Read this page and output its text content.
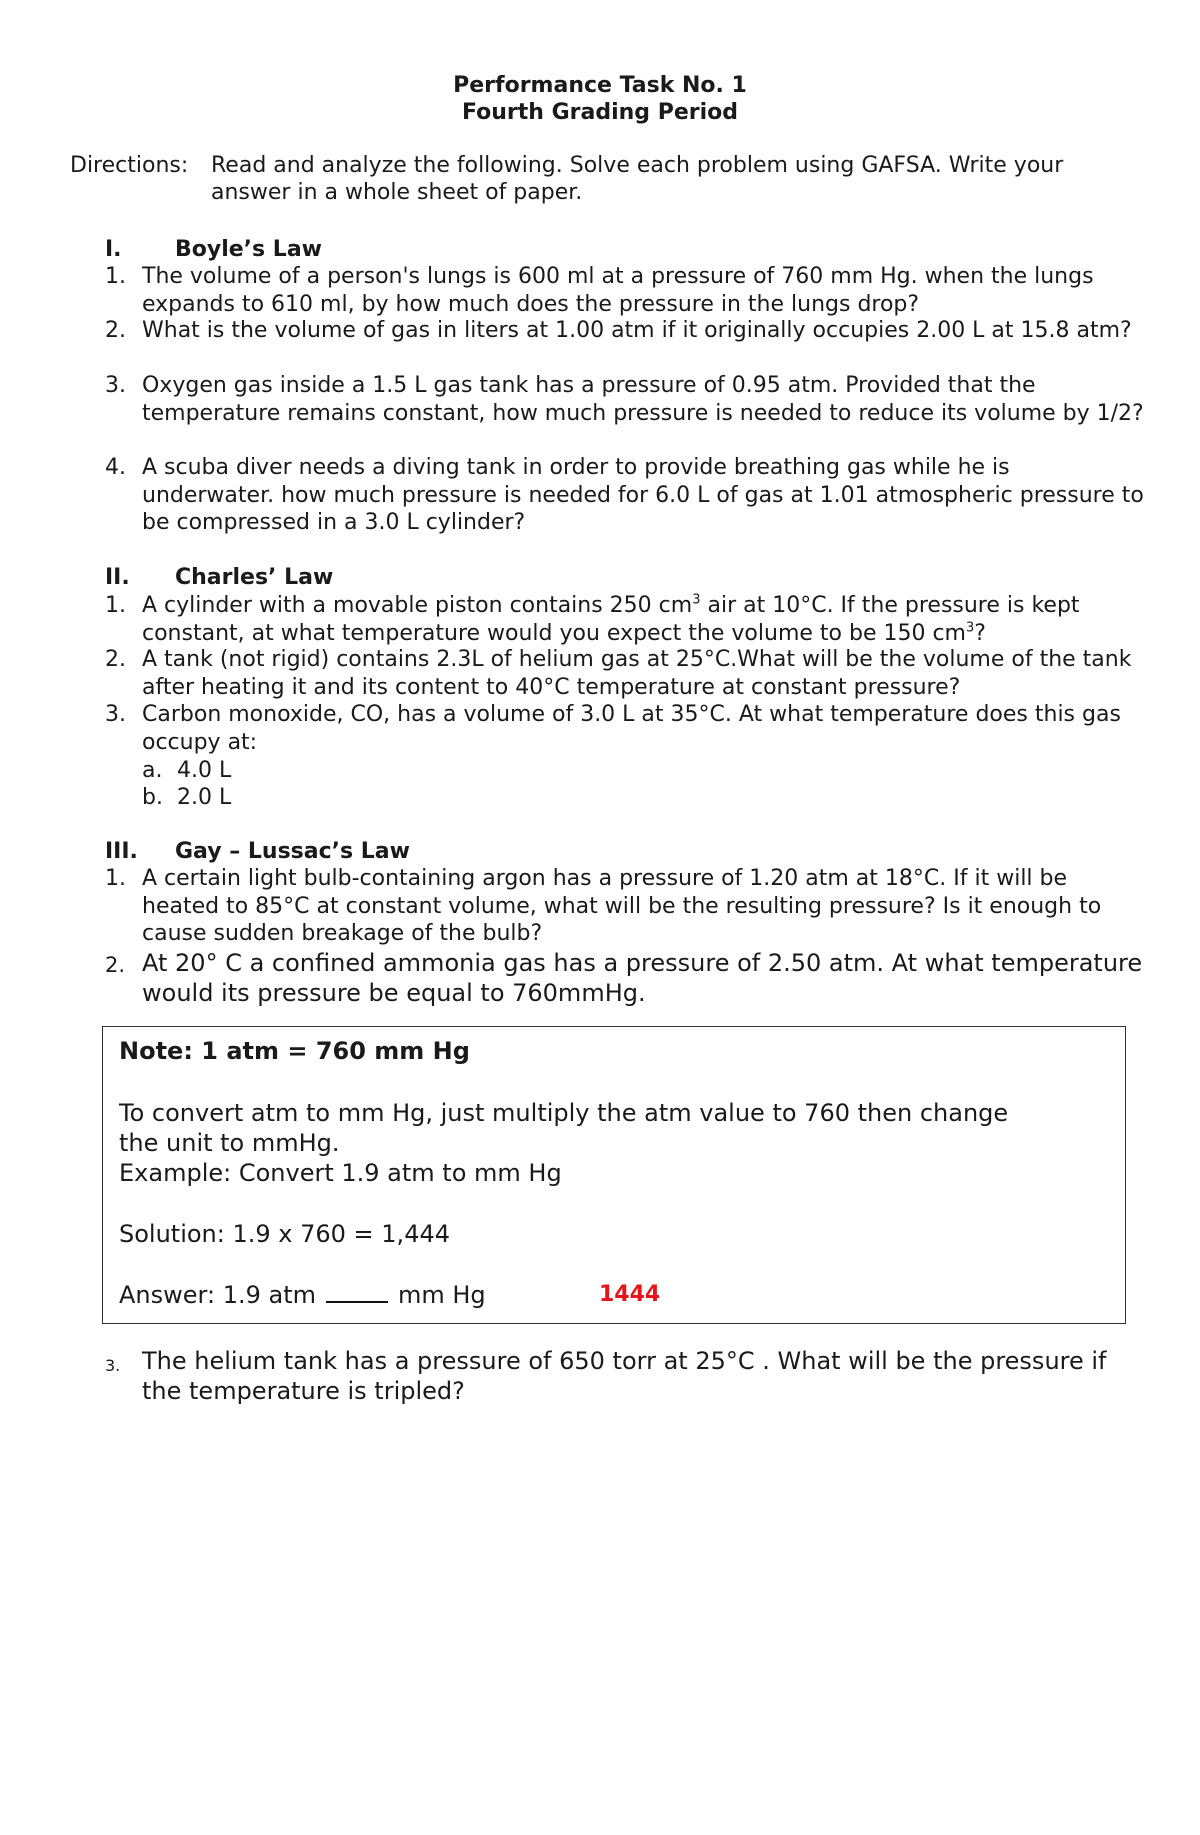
Performance Task No. 1
Fourth Grading Period
Directions: Read and analyze the following. Solve each problem using GAFSA. Write your answer in a whole sheet of paper.
I. Boyle’s Law
1. The volume of a person's lungs is 600 ml at a pressure of 760 mm Hg. when the lungs expands to 610 ml, by how much does the pressure in the lungs drop?
2. What is the volume of gas in liters at 1.00 atm if it originally occupies 2.00 L at 15.8 atm?
3. Oxygen gas inside a 1.5 L gas tank has a pressure of 0.95 atm. Provided that the temperature remains constant, how much pressure is needed to reduce its volume by 1/2?
4. A scuba diver needs a diving tank in order to provide breathing gas while he is underwater. how much pressure is needed for 6.0 L of gas at 1.01 atmospheric pressure to be compressed in a 3.0 L cylinder?
II. Charles’ Law
1. A cylinder with a movable piston contains 250 $cm^3$ air at 10°C. If the pressure is kept constant, at what temperature would you expect the volume to be 150 $cm^3$?
2. A tank (not rigid) contains 2.3L of helium gas at 25°C.What will be the volume of the tank after heating it and its content to 40°C temperature at constant pressure?
3. Carbon monoxide, CO, has a volume of 3.0 L at 35°C. At what temperature does this gas occupy at:
a. 4.0 L
b. 2.0 L
III. Gay – Lussac’s Law
1. A certain light bulb-containing argon has a pressure of 1.20 atm at 18°C. If it will be heated to 85°C at constant volume, what will be the resulting pressure? Is it enough to cause sudden breakage of the bulb?
2. At 20° C a confined ammonia gas has a pressure of 2.50 atm. At what temperature would its pressure be equal to 760mmHg.
Note: 1 atm = 760 mm Hg
To convert atm to mm Hg, just multiply the atm value to 760 then change
the unit to mmHg.
Example: Convert 1.9 atm to mm Hg
Solution: 1.9 x 760 = 1,444
Answer: 1.9 atm	mm Hg	1444
3. The helium tank has a pressure of 650 torr at 25°C . What will be the pressure if the temperature is tripled?
